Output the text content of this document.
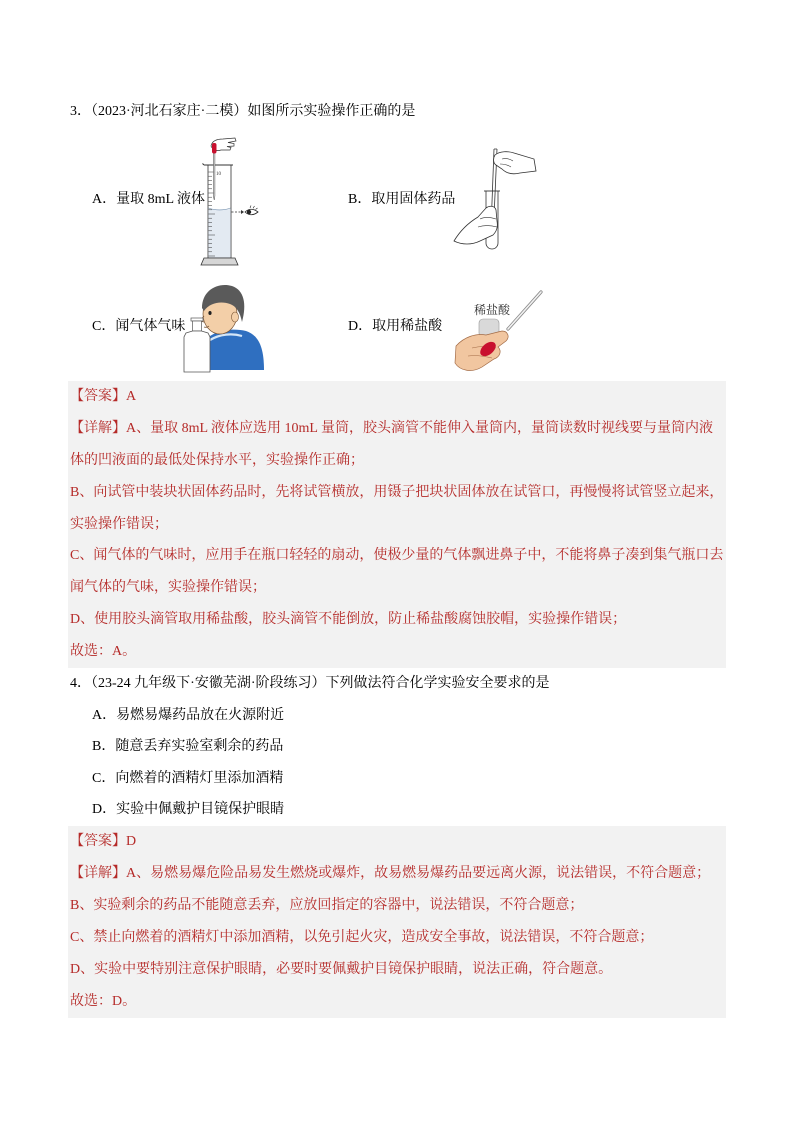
3．（2023·河北石家庄·二模）如图所示实验操作正确的是
A．量取 8mL 液体	B．取用固体药品
C．闻气体气味	D．取用稀盐酸
10
稀盐酸
【答案】A
【详解】A、量取 8mL 液体应选用 10mL 量筒，胶头滴管不能伸入量筒内，量筒读数时视线要与量筒内液
体的凹液面的最低处保持水平，实验操作正确；
B、向试管中装块状固体药品时，先将试管横放，用镊子把块状固体放在试管口，再慢慢将试管竖立起来，
实验操作错误；
C、闻气体的气味时，应用手在瓶口轻轻的扇动，使极少量的气体飘进鼻子中，不能将鼻子凑到集气瓶口去
闻气体的气味，实验操作错误；
D、使用胶头滴管取用稀盐酸，胶头滴管不能倒放，防止稀盐酸腐蚀胶帽，实验操作错误；
故选：A。
4．（23-24 九年级下·安徽芜湖·阶段练习）下列做法符合化学实验安全要求的是
A．易燃易爆药品放在火源附近
B．随意丢弃实验室剩余的药品
C．向燃着的酒精灯里添加酒精
D．实验中佩戴护目镜保护眼睛
【答案】D
【详解】A、易燃易爆危险品易发生燃烧或爆炸，故易燃易爆药品要远离火源，说法错误，不符合题意；
B、实验剩余的药品不能随意丢弃，应放回指定的容器中，说法错误，不符合题意；
C、禁止向燃着的酒精灯中添加酒精，以免引起火灾，造成安全事故，说法错误，不符合题意；
D、实验中要特别注意保护眼睛，必要时要佩戴护目镜保护眼睛，说法正确，符合题意。
故选：D。
